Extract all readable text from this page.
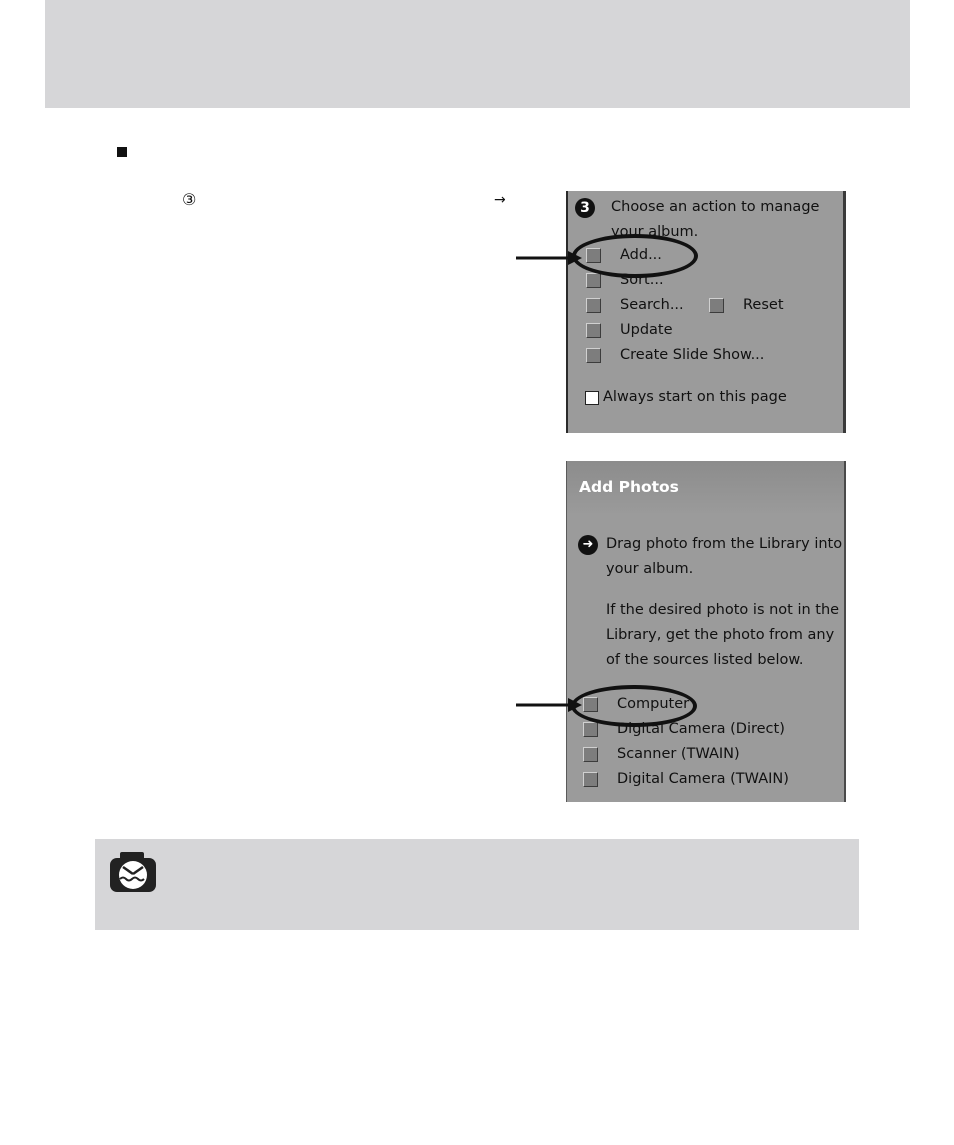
③	→	3	Choose an action to manage your album.
Add...
Sort...
Search...	Reset
Update
Create Slide Show...
Always start on this page
Add Photos
➜ Drag photo from the Library into your album.
If the desired photo is not in the Library, get the photo from any of the sources listed below.
Computer
Digital Camera (Direct)
Scanner (TWAIN)
Digital Camera (TWAIN)
